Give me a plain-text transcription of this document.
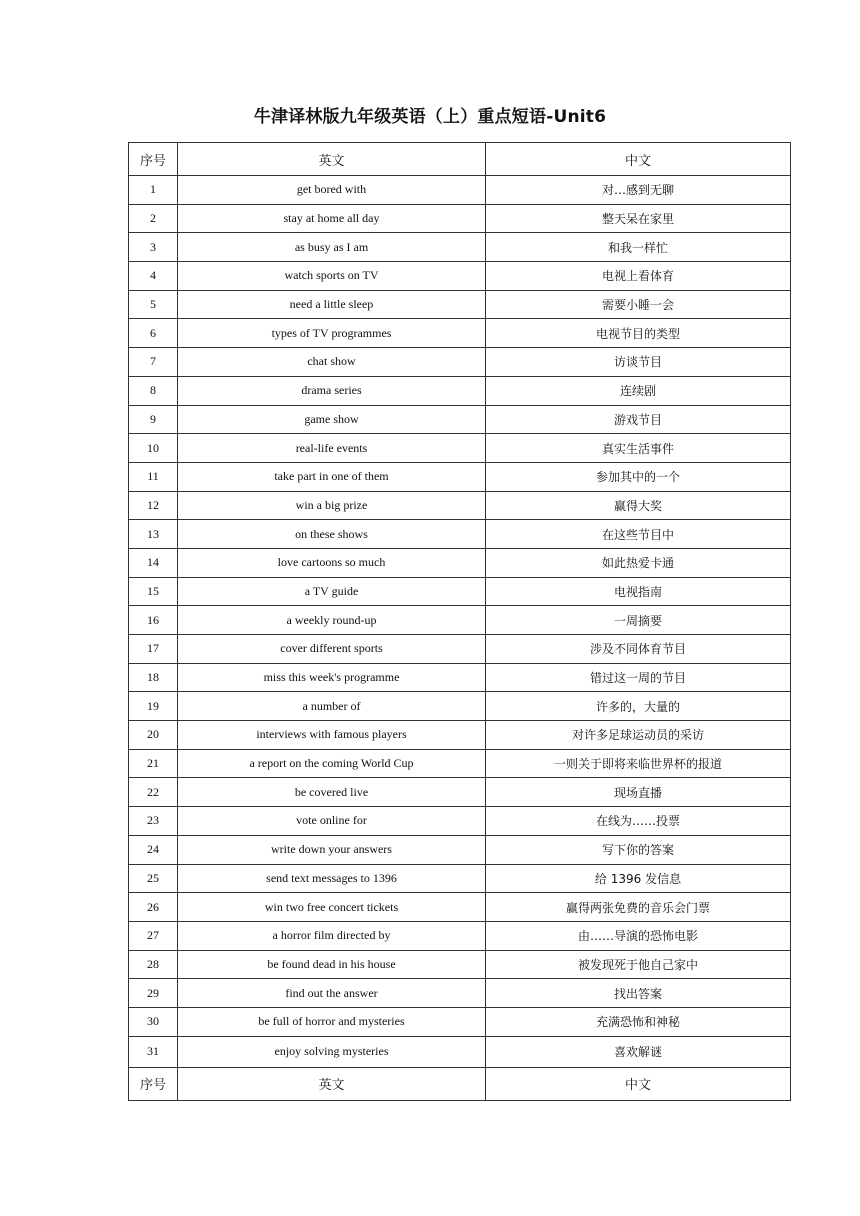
牛津译林版九年级英语（上）重点短语-Unit6
序号	英文	中文
1	get bored with	对…感到无聊
2	stay at home all day	整天呆在家里
3	as busy as I am	和我一样忙
4	watch sports on TV	电视上看体育
5	need a little sleep	需要小睡一会
6	types of TV programmes	电视节目的类型
7	chat show	访谈节目
8	drama series	连续剧
9	game show	游戏节目
10	real-life events	真实生活事件
11	take part in one of them	参加其中的一个
12	win a big prize	赢得大奖
13	on these shows	在这些节目中
14	love cartoons so much	如此热爱卡通
15	a TV guide	电视指南
16	a weekly round-up	一周摘要
17	cover different sports	涉及不同体育节目
18	miss this week's programme	错过这一周的节目
19	a number of	许多的，大量的
20	interviews with famous players	对许多足球运动员的采访
21	a report on the coming World Cup	一则关于即将来临世界杯的报道
22	be covered live	现场直播
23	vote online for	在线为……投票
24	write down your answers	写下你的答案
25	send text messages to 1396	给 1396 发信息
26	win two free concert tickets	赢得两张免费的音乐会门票
27	a horror film directed by	由……导演的恐怖电影
28	be found dead in his house	被发现死于他自己家中
29	find out the answer	找出答案
30	be full of horror and mysteries	充满恐怖和神秘
31	enjoy solving mysteries	喜欢解谜
序号	英文	中文
